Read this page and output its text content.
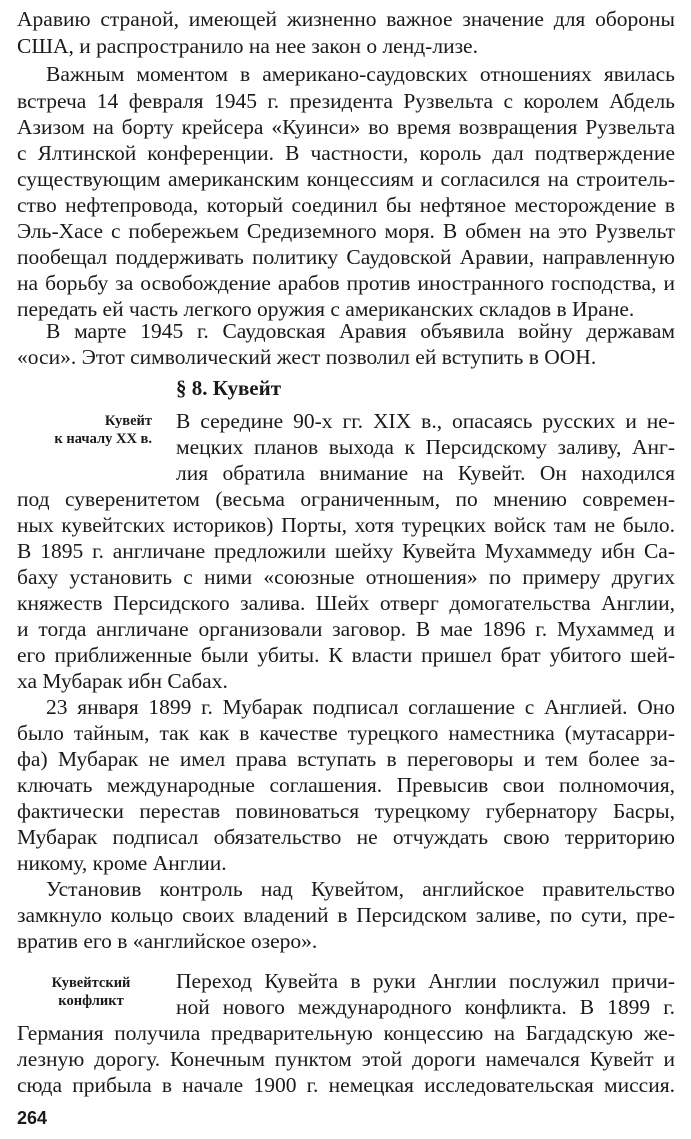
Аравию страной, имеющей жизненно важное значение для обороны
США, и распространило на нее закон о ленд-лизе.
Важным моментом в американо-саудовских отношениях явилась
встреча 14 февраля 1945 г. президента Рузвельта с королем Абдель
Азизом на борту крейсера «Куинси» во время возвращения Рузвельта
с Ялтинской конференции. В частности, король дал подтверждение
существующим американским концессиям и согласился на строитель-
ство нефтепровода, который соединил бы нефтяное месторождение в
Эль-Хасе с побережьем Средиземного моря. В обмен на это Рузвельт
пообещал поддерживать политику Саудовской Аравии, направленную
на борьбу за освобождение арабов против иностранного господства, и
передать ей часть легкого оружия с американских складов в Иране.
В марте 1945 г. Саудовская Аравия объявила войну державам
§ 8. Кувейт
Кувейт
к началу XX в.
В середине 90-х гг. XIX в., опасаясь русских и не-
мецких планов выхода к Персидскому заливу, Анг-
лия обратила внимание на Кувейт. Он находился
под суверенитетом (весьма ограниченным, по мнению современ-
ных кувейтских историков) Порты, хотя турецких войск там не было.
В 1895 г. англичане предложили шейху Кувейта Мухаммеду ибн Са-
баху установить с ними «союзные отношения» по примеру других
княжеств Персидского залива. Шейх отверг домогательства Англии,
и тогда англичане организовали заговор. В мае 1896 г. Мухаммед и
его приближенные были убиты. К власти пришел брат убитого шей-
ха Мубарак ибн Сабах.
23 января 1899 г. Мубарак подписал соглашение с Англией. Оно
было тайным, так как в качестве турецкого наместника (мутасарри-
фа) Мубарак не имел права вступать в переговоры и тем более за-
ключать международные соглашения. Превысив свои полномочия,
фактически перестав повиноваться турецкому губернатору Басры,
Мубарак подписал обязательство не отчуждать свою территорию
никому, кроме Англии.
Установив контроль над Кувейтом, английское правительство
замкнуло кольцо своих владений в Персидском заливе, по сути, пре-
вратив его в «английское озеро».
Кувейтский
конфликт
Переход Кувейта в руки Англии послужил причи-
ной нового международного конфликта. В 1899 г.
Германия получила предварительную концессию на Багдадскую же-
лезную дорогу. Конечным пунктом этой дороги намечался Кувейт и
сюда прибыла в начале 1900 г. немецкая исследовательская миссия.
264
«оси». Этот символический жест позволил ей вступить в ООН.
